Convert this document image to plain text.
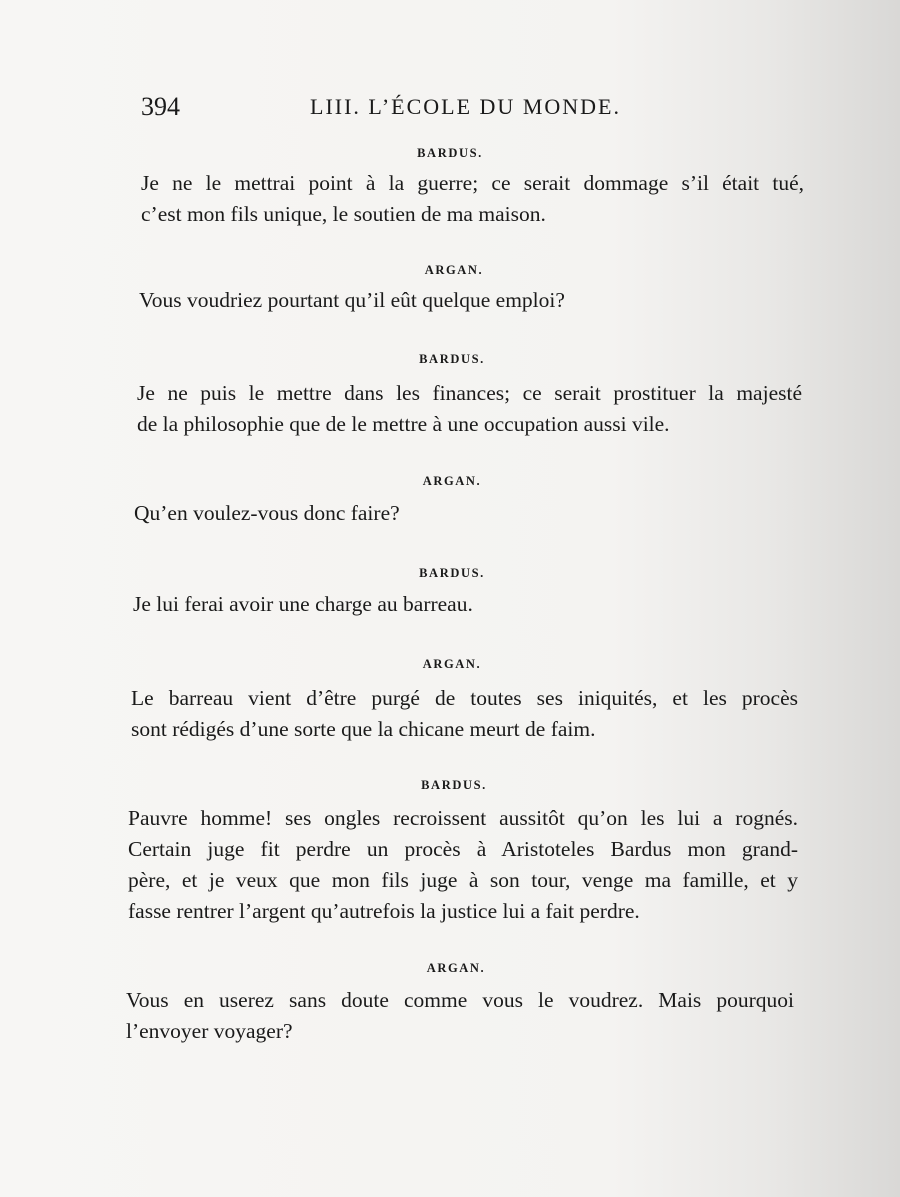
394	LIII. L’ÉCOLE DU MONDE.
BARDUS.
Je ne le mettrai point à la guerre; ce serait dommage s’il était tué,
c’est mon fils unique, le soutien de ma maison.
ARGAN.
Vous voudriez pourtant qu’il eût quelque emploi?
BARDUS.
Je ne puis le mettre dans les finances; ce serait prostituer la majesté
de la philosophie que de le mettre à une occupation aussi vile.
ARGAN.
Qu’en voulez-vous donc faire?
BARDUS.
Je lui ferai avoir une charge au barreau.
ARGAN.
Le barreau vient d’être purgé de toutes ses iniquités, et les procès
sont rédigés d’une sorte que la chicane meurt de faim.
BARDUS.
Pauvre homme! ses ongles recroissent aussitôt qu’on les lui a rognés.
Certain juge fit perdre un procès à Aristoteles Bardus mon grand-
père, et je veux que mon fils juge à son tour, venge ma famille, et y
fasse rentrer l’argent qu’autrefois la justice lui a fait perdre.
ARGAN.
Vous en userez sans doute comme vous le voudrez. Mais pourquoi
l’envoyer voyager?
